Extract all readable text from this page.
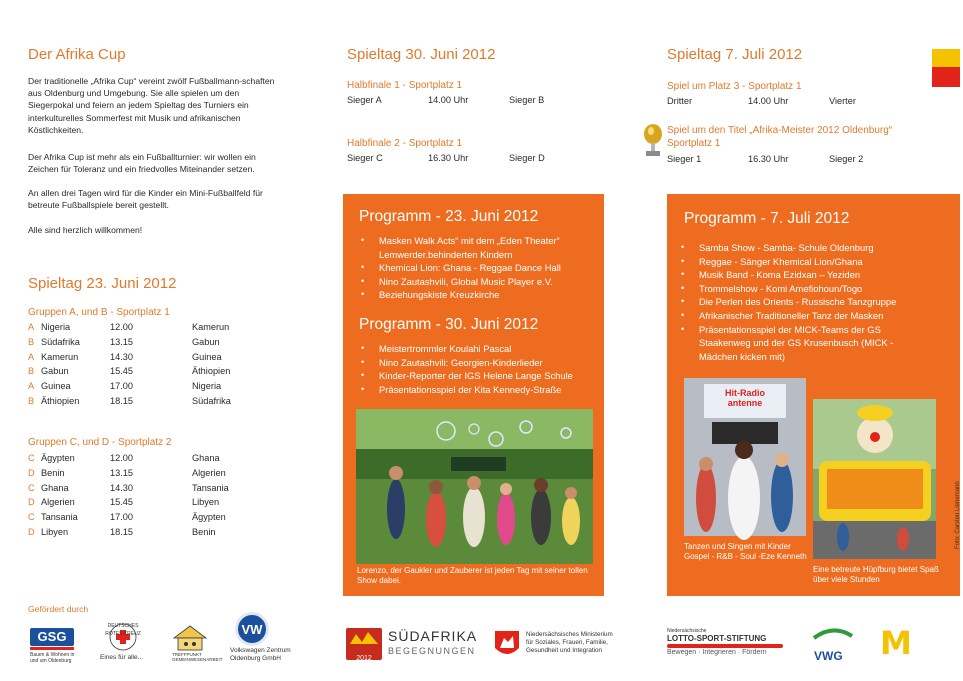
Der Afrika Cup
Der traditionelle „Afrika Cup“ vereint zwölf Fußballmann-schaften aus Oldenburg und Umgebung. Sie alle spielen um den Siegerpokal und feiern an jedem Spieltag des Turniers ein interkulturelles Sommerfest mit Musik und afrikanischen Köstlichkeiten.
Der Afrika Cup ist mehr als ein Fußballturnier: wir wollen ein Zeichen für Toleranz und ein friedvolles Miteinander setzen.
An allen drei Tagen wird für die Kinder ein Mini-Fußballfeld für betreute Fußballspiele bereit gestellt.
Alle sind herzlich willkommen!
Spieltag 23. Juni 2012
Gruppen A, und B - Sportplatz 1
A Nigeria	12.00	Kamerun
B Südafrika	13.15	Gabun
A Kamerun	14.30	Guinea
B Gabun	15.45	Äthiopien
A Guinea	17.00	Nigeria
B Äthiopien	18.15	Südafrika
Gruppen C, und D - Sportplatz 2
C Ägypten	12.00	Ghana
D Benin	13.15	Algerien
C Ghana	14.30	Tansania
D Algerien	15.45	Libyen
C Tansania	17.00	Ägypten
D Libyen	18.15	Benin
Gefördert durch
GSG
Bauen & Wohnen in und um Oldenburg
DEUTSCHES ROTES KREUZ
Eines für alle...	TREFFPUNKT GEMEINWESENARBEIT
VW
Volkswagen Zentrum Oldenburg GmbH
Spieltag 30. Juni 2012
Halbfinale 1 - Sportplatz 1
Sieger A	14.00 Uhr	Sieger B
Halbfinale 2 - Sportplatz 1
Sieger C	16.30 Uhr	Sieger D
Programm - 23. Juni 2012
• Masken Walk Acts“ mit dem „Eden Theater“ Lemwerder.behinderten Kindern
• Khemical Lion: Ghana - Reggae Dance Hall
• Nino Zautashvili, Global Music Player e.V.
• Beziehungskiste Kreuzkirche
Programm - 30. Juni 2012
• Meistertrommler Koulahi Pascal
• Nino Zautashvili: Georgien-Kinderlieder
• Kinder-Reporter der IGS Helene Lange Schule
• Präsentationsspiel der Kita Kennedy-Straße
Lorenzo, der Gaukler und Zauberer ist jeden Tag mit seiner tollen Show dabei.
2012
SÜDAFRIKA
BEGEGNUNGEN
Niedersächsisches Ministerium für Soziales, Frauen, Familie, Gesundheit und Integration
Spieltag 7. Juli 2012
Spiel um Platz 3 - Sportplatz 1
Dritter	14.00 Uhr	Vierter
Spiel um den Titel „Afrika-Meister 2012 Oldenburg“
Sportplatz 1
Sieger 1	16.30 Uhr	Sieger 2
Programm - 7. Juli 2012
• Samba Show - Samba- Schule Oldenburg
• Reggae - Sänger Khemical Lion/Ghana
• Musik Band - Koma Ezidxan – Yeziden
• Trommelshow - Komi Amefiohoun/Togo
• Die Perlen des Orients - Russische Tanzgruppe
• Afrikanischer Traditioneller Tanz der Masken
• Präsentationsspiel der MICK-Teams der GS Staakenweg und der GS Krusenbusch (MICK - Mädchen kicken mit)
Hit-Radio antenne
Tanzen und Singen mit Kinder Gospel - R&B - Soul -Eze Kenneth
Eine betreute Hüpfburg bietet Spaß über viele Stunden
Foto: Carsten Lienemann
Niedersächsische
LOTTO-SPORT-STIFTUNG
Bewegen · Integrieren · Fördern	VWG	M
